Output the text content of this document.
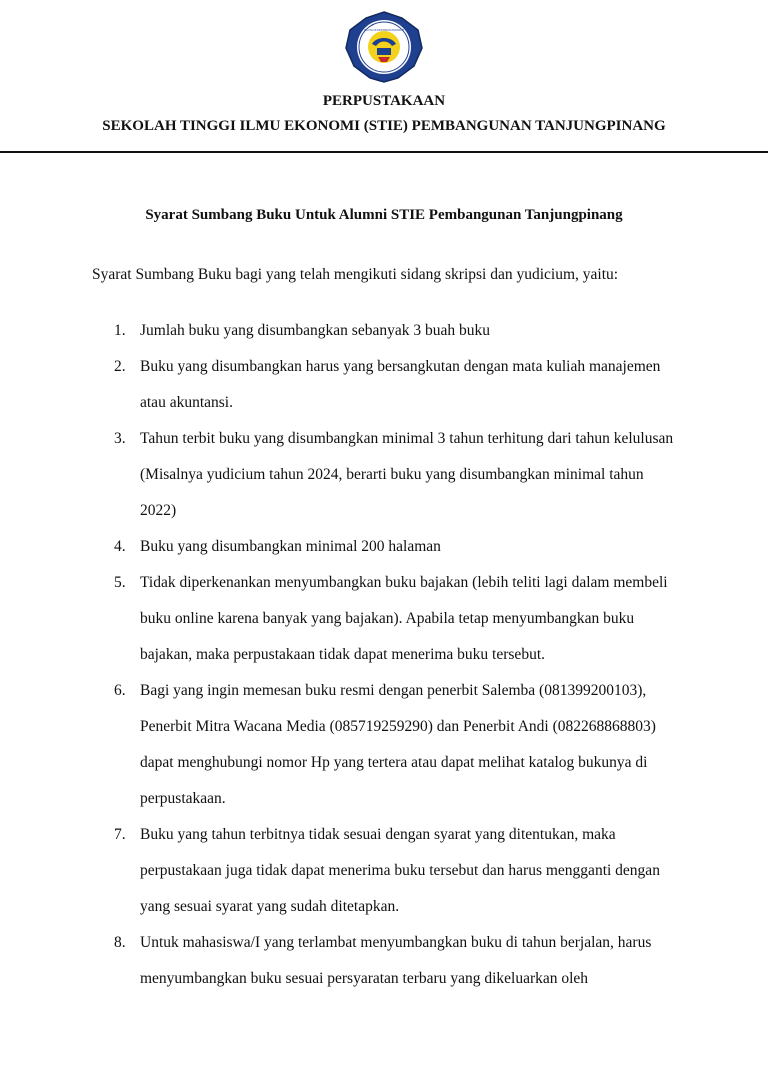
SEKOLAH TINGGI ILMU EKONOMI PEMBANGUNAN TANJUNGPINANG STIE
PERPUSTAKAAN
SEKOLAH TINGGI ILMU EKONOMI (STIE) PEMBANGUNAN TANJUNGPINANG
Syarat Sumbang Buku Untuk Alumni STIE Pembangunan Tanjungpinang
Syarat Sumbang Buku bagi yang telah mengikuti sidang skripsi dan yudicium, yaitu:
1. Jumlah buku yang disumbangkan sebanyak 3 buah buku
2. Buku yang disumbangkan harus yang bersangkutan dengan mata kuliah manajemen
atau akuntansi.
3. Tahun terbit buku yang disumbangkan minimal 3 tahun terhitung dari tahun kelulusan
(Misalnya yudicium tahun 2024, berarti buku yang disumbangkan minimal tahun
2022)
4. Buku yang disumbangkan minimal 200 halaman
5. Tidak diperkenankan menyumbangkan buku bajakan (lebih teliti lagi dalam membeli
buku online karena banyak yang bajakan). Apabila tetap menyumbangkan buku
bajakan, maka perpustakaan tidak dapat menerima buku tersebut.
6. Bagi yang ingin memesan buku resmi dengan penerbit Salemba (081399200103),
Penerbit Mitra Wacana Media (085719259290) dan Penerbit Andi (082268868803)
dapat menghubungi nomor Hp yang tertera atau dapat melihat katalog bukunya di
perpustakaan.
7. Buku yang tahun terbitnya tidak sesuai dengan syarat yang ditentukan, maka
perpustakaan juga tidak dapat menerima buku tersebut dan harus mengganti dengan
yang sesuai syarat yang sudah ditetapkan.
8. Untuk mahasiswa/I yang terlambat menyumbangkan buku di tahun berjalan, harus
menyumbangkan buku sesuai persyaratan terbaru yang dikeluarkan oleh
